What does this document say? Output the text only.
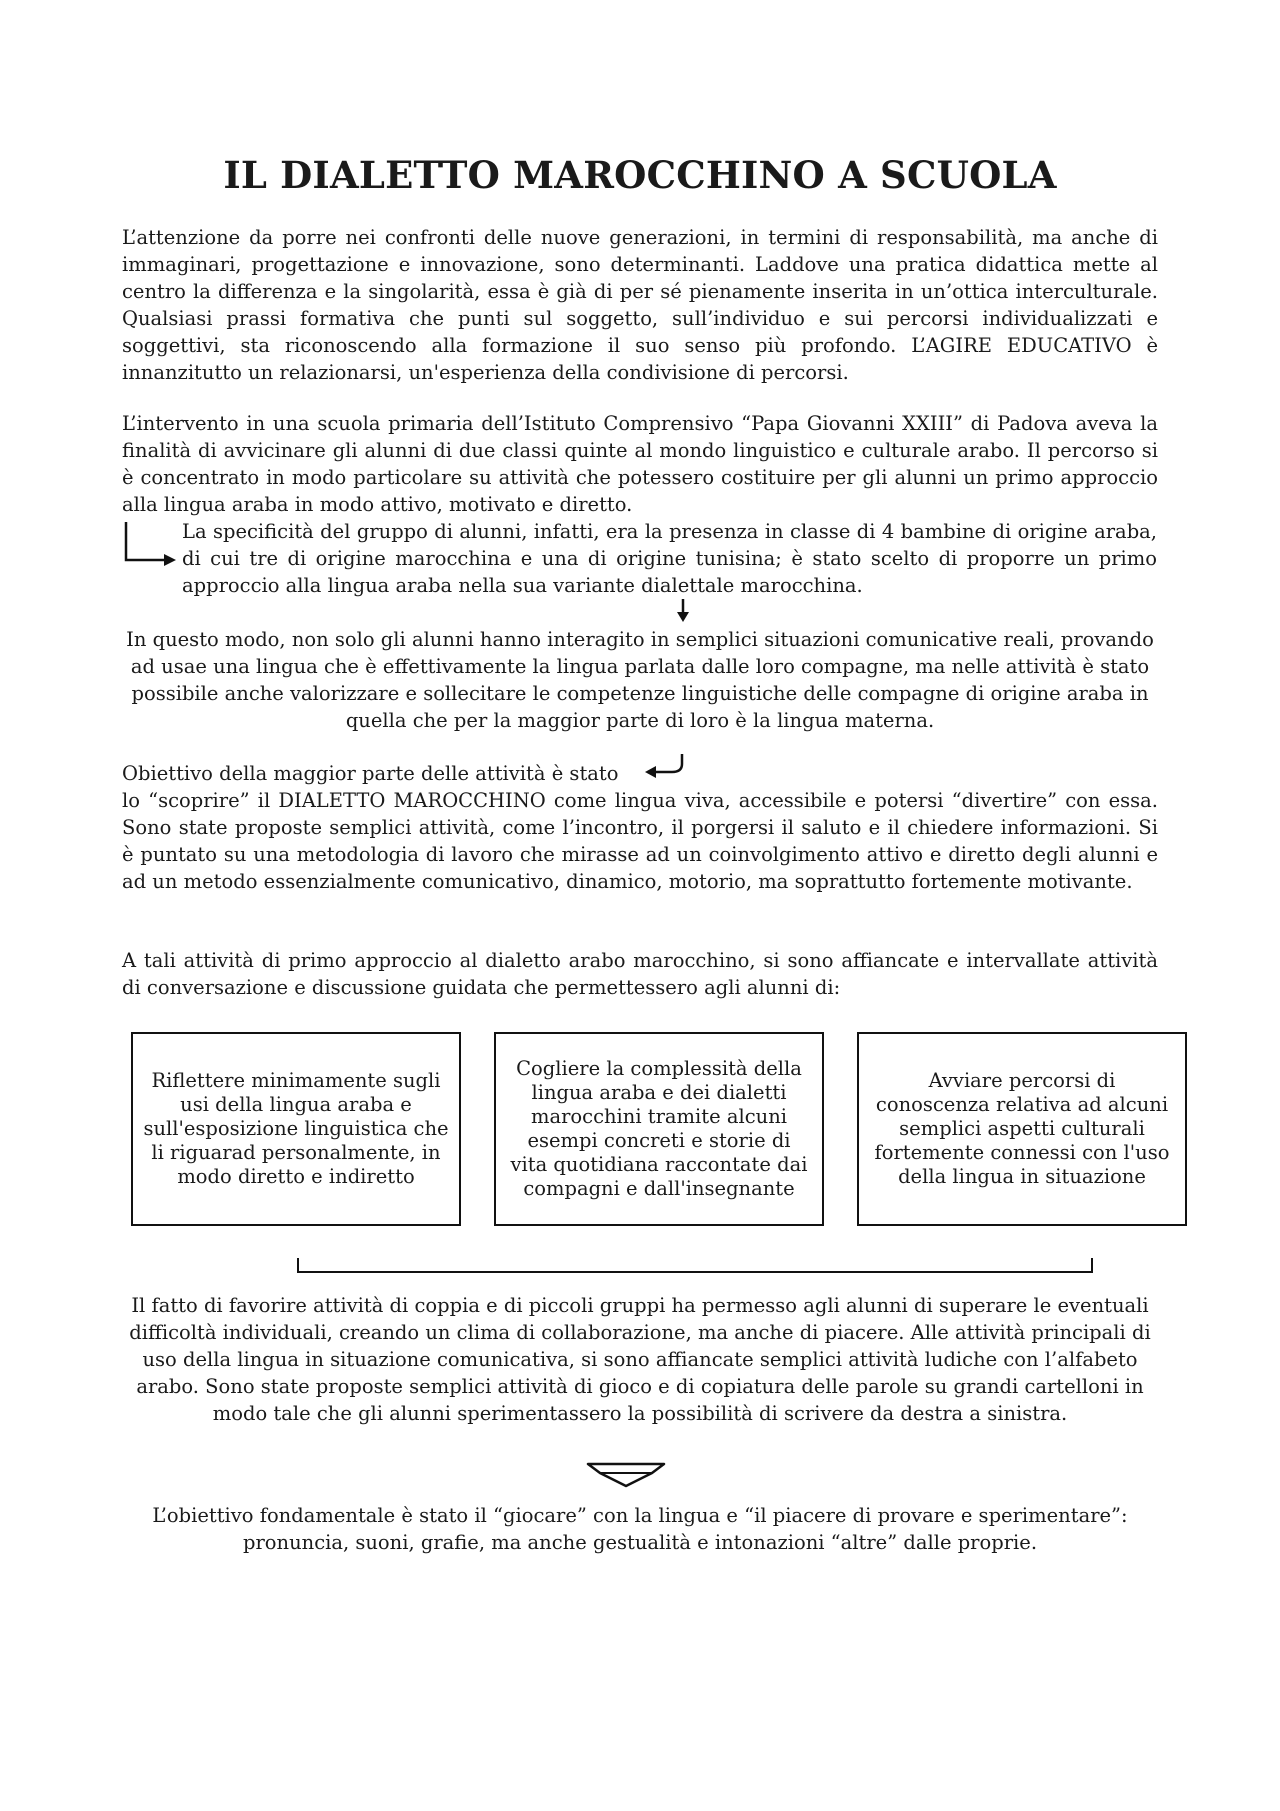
IL DIALETTO MAROCCHINO A SCUOLA

L’attenzione da porre nei confronti delle nuove generazioni, in termini di responsabilità, ma anche di immaginari, progettazione e innovazione, sono determinanti. Laddove una pratica didattica mette al centro la differenza e la singolarità, essa è già di per sé pienamente inserita in un’ottica interculturale. Qualsiasi prassi formativa che punti sul soggetto, sull’individuo e sui percorsi individualizzati e soggettivi, sta riconoscendo alla formazione il suo senso più profondo. L’AGIRE EDUCATIVO è innanzitutto un relazionarsi, un'esperienza della condivisione di percorsi.

L’intervento in una scuola primaria dell’Istituto Comprensivo “Papa Giovanni XXIII” di Padova aveva la finalità di avvicinare gli alunni di due classi quinte al mondo linguistico e culturale arabo. Il percorso si è concentrato in modo particolare su attività che potessero costituire per gli alunni un primo approccio alla lingua araba in modo attivo, motivato e diretto.

La specificità del gruppo di alunni, infatti, era la presenza in classe di 4 bambine di origine araba, di cui tre di origine marocchina e una di origine tunisina; è stato scelto di proporre un primo approccio alla lingua araba nella sua variante dialettale marocchina.

In questo modo, non solo gli alunni hanno interagito in semplici situazioni comunicative reali, provando ad usae una lingua che è effettivamente la lingua parlata dalle loro compagne, ma nelle attività è stato possibile anche valorizzare e sollecitare le competenze linguistiche delle compagne di origine araba in quella che per la maggior parte di loro è la lingua materna.

Obiettivo della maggior parte delle attività è stato

lo “scoprire” il DIALETTO MAROCCHINO come lingua viva, accessibile e potersi “divertire” con essa. Sono state proposte semplici attività, come l’incontro, il porgersi il saluto e il chiedere informazioni. Si è puntato su una metodologia di lavoro che mirasse ad un coinvolgimento attivo e diretto degli alunni e ad un metodo essenzialmente comunicativo, dinamico, motorio, ma soprattutto fortemente motivante.

A tali attività di primo approccio al dialetto arabo marocchino, si sono affiancate e intervallate attività di conversazione e discussione guidata che permettessero agli alunni di:

Riflettere minimamente sugli usi della lingua araba e sull'esposizione linguistica che li riguarad personalmente, in modo diretto e indiretto
Cogliere la complessità della lingua araba e dei dialetti marocchini tramite alcuni esempi concreti e storie di vita quotidiana raccontate dai compagni e dall'insegnante
Avviare percorsi di conoscenza relativa ad alcuni semplici aspetti culturali fortemente connessi con l'uso della lingua in situazione

Il fatto di favorire attività di coppia e di piccoli gruppi ha permesso agli alunni di superare le eventuali difficoltà individuali, creando un clima di collaborazione, ma anche di piacere. Alle attività principali di uso della lingua in situazione comunicativa, si sono affiancate semplici attività ludiche con l’alfabeto arabo. Sono state proposte semplici attività di gioco e di copiatura delle parole su grandi cartelloni in modo tale che gli alunni sperimentassero la possibilità di scrivere da destra a sinistra.

L’obiettivo fondamentale è stato il “giocare” con la lingua e “il piacere di provare e sperimentare”: pronuncia, suoni, grafie, ma anche gestualità e intonazioni “altre” dalle proprie.
